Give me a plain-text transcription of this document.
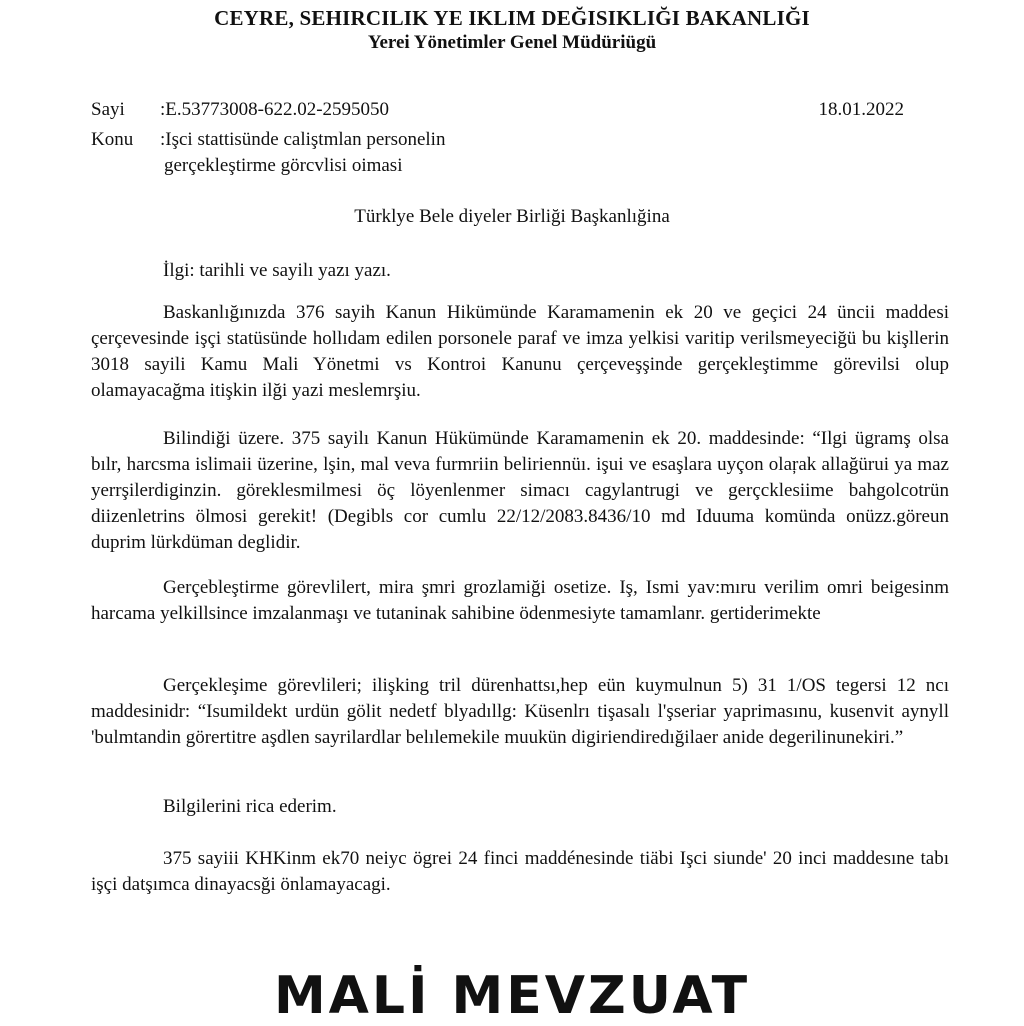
CEYRE, SEHIRCILIK YE IKLIM DEĞISIKLIĞI BAKANLIĞI
Yerei Yönetimler Genel Müdüriügü
Sayi :E.53773008-622.02-2595050	18.01.2022
Konu :Işci stattisünde caliştmlan personelin
gerçekleştirme görcvlisi oimasi
Türklye Bele diyeler Birliği Başkanlığina
İlgi: tarihli ve sayilı yazı yazı.
Baskanlığınızda 376 sayih Kanun Hikümünde Karamamenin ek 20 ve geçici 24 üncii maddesi çerçevesinde işçi statüsünde hollıdam edilen porsonele paraf ve imza yelkisi varitip verilsmeyeciğü bu kişllerin 3018 sayili Kamu Mali Yönetmi vs Kontroi Kanunu çerçeveşşinde gerçekleştimme görevilsi olup olamayacağma itişkin ilği yazi meslemrşiu.
Bilindiği üzere. 375 sayilı Kanun Hükümünde Karamamenin ek 20. maddesinde: “Ilgi ügramş olsa bılr, harcsma islimaii üzerine, lşin, mal veva furmriin beliriennüı. işui ve esaşlara uyçon olaŗak allağürui ya maz yerrşilerdiginzin. göreklesmilmesi öç löyenlenmer simacı cagylantrugi ve gerçcklesiime bahgolcotrün diizenletrins ölmosi gerekit! (Degibls cor cumlu 22/12/2083.8436/10 md Iduuma komünda onüzz.göreun duprim lürkdüman deglidir.
Gerçebleştirme görevlilert, mira şmri grozlamiği osetize. Iş, Ismi yav:mıru verilim omri beigesinm harcama yelkillsince imzalanmaşı ve tutaninak sahibine ödenmesiyte tamamlanr. gertiderimekte
Gerçekleşime görevlileri; ilişking tril dürenhattsı,hep eün kuymulnun 5) 31 1/OS tegersi 12 ncı maddesinidr: “Isumildekt urdün gölit nedetf blyadıllg: Küsenlrı tişasalı l'şseriar yaprimasınu, kusenvit aynyll 'bulmtandin görertitre aşdlen sayrilardlar belılemekile muukün digiriendiredığilaer anide degerilinunekiri.”
Bilgilerini rica ederim.
375 sayiii KHKinm ek70 neiyc ögrei 24 finci maddénesinde tiäbi Işci siunde' 20 inci maddesıne tabı işçi datşımca dinayacsği önlamayacagi.
MALİ MEVZUAT
